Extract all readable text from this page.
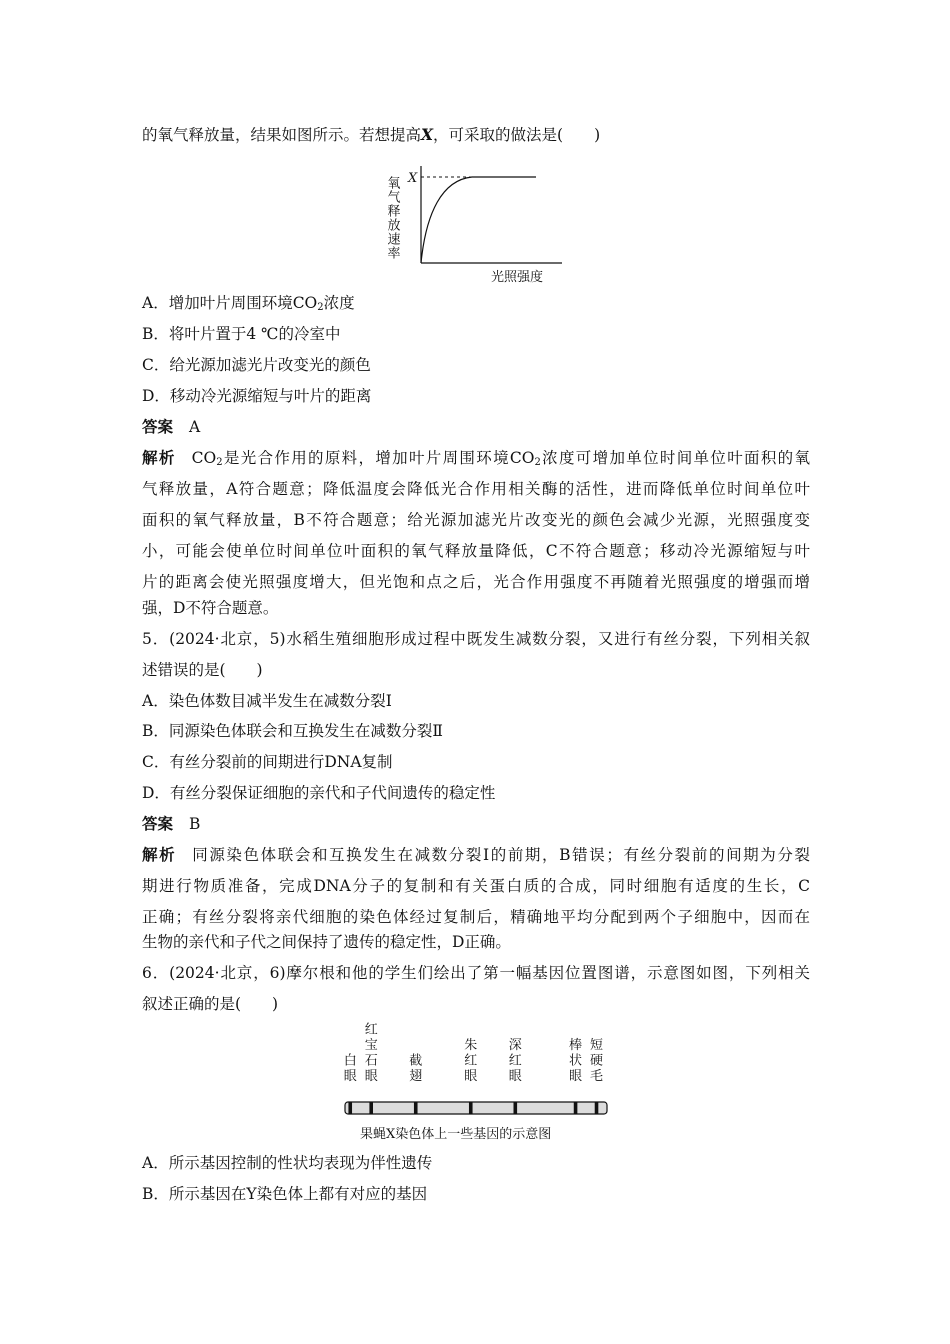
的氧气释放量，结果如图所示。若想提高X，可采取的做法是(　　)
氧气释放速率 X
光照强度
A．增加叶片周围环境$CO_2$浓度
B．将叶片置于4 ℃的冷室中
C．给光源加滤光片改变光的颜色
D．移动冷光源缩短与叶片的距离
答案 A
解析 $CO_2$是光合作用的原料，增加叶片周围环境$CO_2$浓度可增加单位时间单位叶面积的氧
气释放量，A符合题意；降低温度会降低光合作用相关酶的活性，进而降低单位时间单位叶
面积的氧气释放量，B不符合题意；给光源加滤光片改变光的颜色会减少光源，光照强度变
小，可能会使单位时间单位叶面积的氧气释放量降低，C不符合题意；移动冷光源缩短与叶
片的距离会使光照强度增大，但光饱和点之后，光合作用强度不再随着光照强度的增强而增
强，D不符合题意。
5．(2024·北京，5)水稻生殖细胞形成过程中既发生减数分裂，又进行有丝分裂，下列相关叙
述错误的是(　　)
A．染色体数目减半发生在减数分裂Ⅰ
B．同源染色体联会和互换发生在减数分裂Ⅱ
C．有丝分裂前的间期进行DNA复制
D．有丝分裂保证细胞的亲代和子代间遗传的稳定性
答案 B
解析 同源染色体联会和互换发生在减数分裂Ⅰ的前期，B错误；有丝分裂前的间期为分裂
期进行物质准备，完成DNA分子的复制和有关蛋白质的合成，同时细胞有适度的生长，C
正确；有丝分裂将亲代细胞的染色体经过复制后，精确地平均分配到两个子细胞中，因而在
生物的亲代和子代之间保持了遗传的稳定性，D正确。
6．(2024·北京，6)摩尔根和他的学生们绘出了第一幅基因位置图谱，示意图如图，下列相关
叙述正确的是(　　)
白眼
红宝石眼
截翅
朱红眼
深红眼
棒状眼
短硬毛
果蝇X染色体上一些基因的示意图
A．所示基因控制的性状均表现为伴性遗传
B．所示基因在Y染色体上都有对应的基因
